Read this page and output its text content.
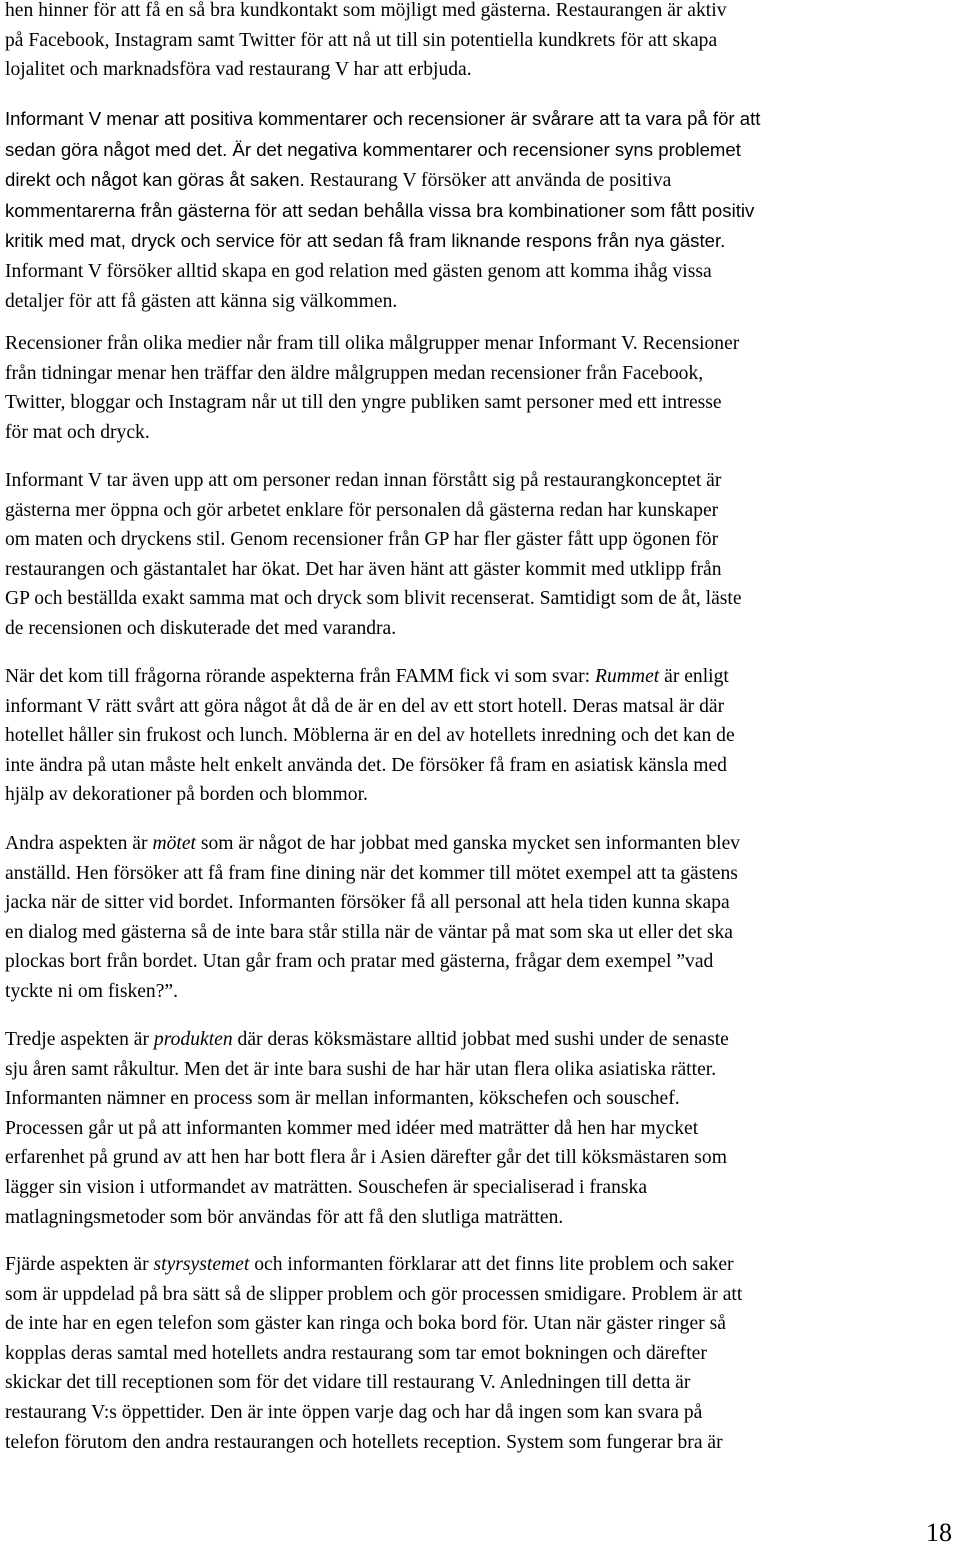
hen hinner för att få en så bra kundkontakt som möjligt med gästerna. Restaurangen är aktiv
på Facebook, Instagram samt Twitter för att nå ut till sin potentiella kundkrets för att skapa
lojalitet och marknadsföra vad restaurang V har att erbjuda.
Informant V menar att positiva kommentarer och recensioner är svårare att ta vara på för att
sedan göra något med det. Är det negativa kommentarer och recensioner syns problemet
direkt och något kan göras åt saken. Restaurang V försöker att använda de positiva
kommentarerna från gästerna för att sedan behålla vissa bra kombinationer som fått positiv
kritik med mat, dryck och service för att sedan få fram liknande respons från nya gäster.
Informant V försöker alltid skapa en god relation med gästen genom att komma ihåg vissa
detaljer för att få gästen att känna sig välkommen.
Recensioner från olika medier når fram till olika målgrupper menar Informant V. Recensioner
från tidningar menar hen träffar den äldre målgruppen medan recensioner från Facebook,
Twitter, bloggar och Instagram når ut till den yngre publiken samt personer med ett intresse
för mat och dryck.
Informant V tar även upp att om personer redan innan förstått sig på restaurangkonceptet är
gästerna mer öppna och gör arbetet enklare för personalen då gästerna redan har kunskaper
om maten och dryckens stil. Genom recensioner från GP har fler gäster fått upp ögonen för
restaurangen och gästantalet har ökat. Det har även hänt att gäster kommit med utklipp från
GP och beställda exakt samma mat och dryck som blivit recenserat. Samtidigt som de åt, läste
de recensionen och diskuterade det med varandra.
När det kom till frågorna rörande aspekterna från FAMM fick vi som svar: Rummet är enligt
informant V rätt svårt att göra något åt då de är en del av ett stort hotell. Deras matsal är där
hotellet håller sin frukost och lunch. Möblerna är en del av hotellets inredning och det kan de
inte ändra på utan måste helt enkelt använda det. De försöker få fram en asiatisk känsla med
hjälp av dekorationer på borden och blommor.
Andra aspekten är mötet som är något de har jobbat med ganska mycket sen informanten blev
anställd. Hen försöker att få fram fine dining när det kommer till mötet exempel att ta gästens
jacka när de sitter vid bordet. Informanten försöker få all personal att hela tiden kunna skapa
en dialog med gästerna så de inte bara står stilla när de väntar på mat som ska ut eller det ska
plockas bort från bordet. Utan går fram och pratar med gästerna, frågar dem exempel ”vad
tyckte ni om fisken?”.
Tredje aspekten är produkten där deras köksmästare alltid jobbat med sushi under de senaste
sju åren samt råkultur. Men det är inte bara sushi de har här utan flera olika asiatiska rätter.
Informanten nämner en process som är mellan informanten, kökschefen och souschef.
Processen går ut på att informanten kommer med idéer med maträtter då hen har mycket
erfarenhet på grund av att hen har bott flera år i Asien därefter går det till köksmästaren som
lägger sin vision i utformandet av maträtten. Souschefen är specialiserad i franska
matlagningsmetoder som bör användas för att få den slutliga maträtten.
Fjärde aspekten är styrsystemet och informanten förklarar att det finns lite problem och saker
som är uppdelad på bra sätt så de slipper problem och gör processen smidigare. Problem är att
de inte har en egen telefon som gäster kan ringa och boka bord för. Utan när gäster ringer så
kopplas deras samtal med hotellets andra restaurang som tar emot bokningen och därefter
skickar det till receptionen som för det vidare till restaurang V. Anledningen till detta är
restaurang V:s öppettider. Den är inte öppen varje dag och har då ingen som kan svara på
telefon förutom den andra restaurangen och hotellets reception. System som fungerar bra är
18
